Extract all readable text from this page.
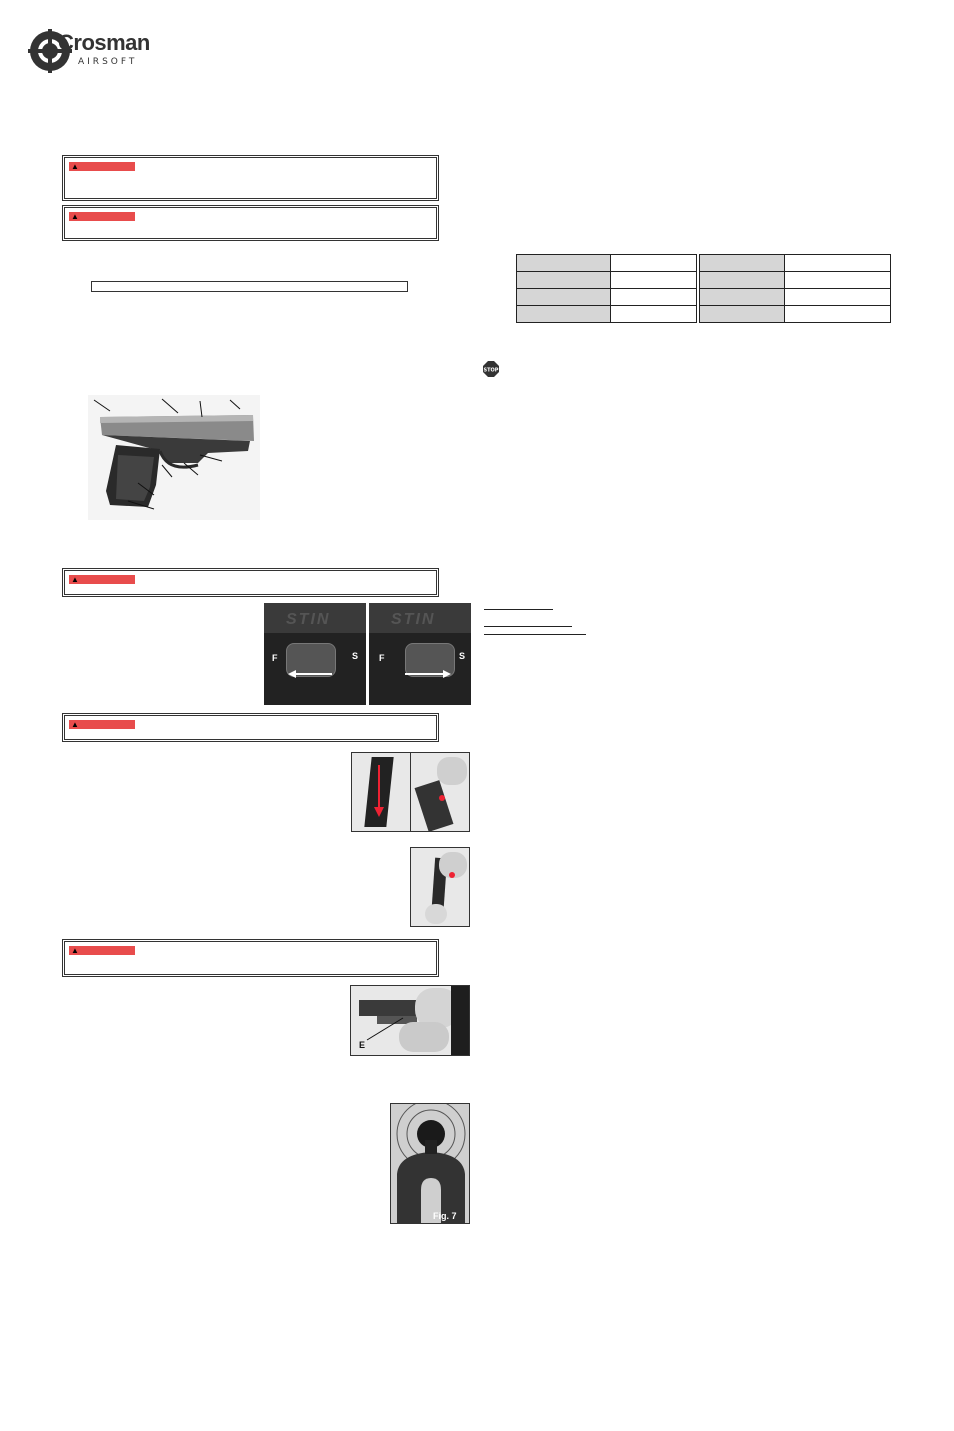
Crosman
AIRSOFT
▲
▲

STOP
▲
STIN
F	S
STIN
F	S
▲
▲
E
Fig. 7
